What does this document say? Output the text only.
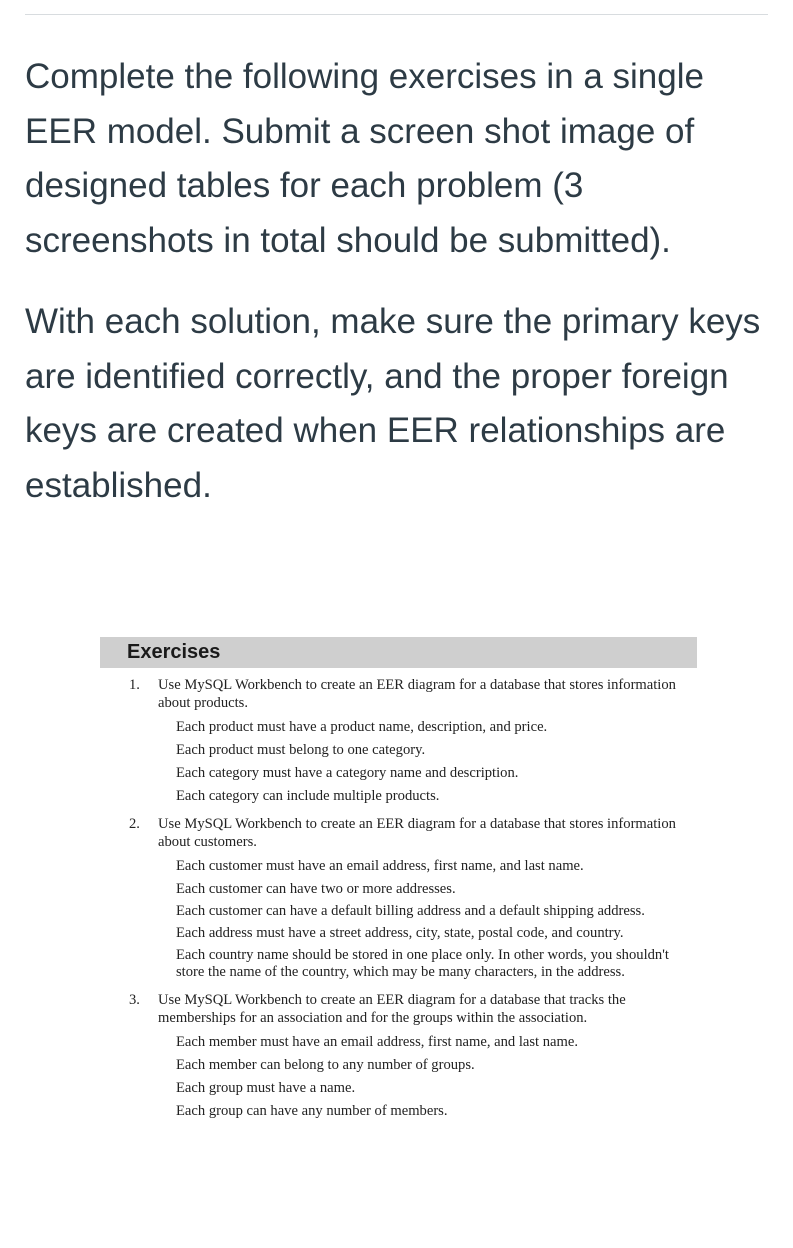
Complete the following exercises in a single EER model. Submit a screen shot image of designed tables for each problem (3 screenshots in total should be submitted).

With each solution, make sure the primary keys are identified correctly, and the proper foreign keys are created when EER relationships are established.

Exercises
1. Use MySQL Workbench to create an EER diagram for a database that stores information about products.

Each product must have a product name, description, and price.
Each product must belong to one category.
Each category must have a category name and description.
Each category can include multiple products.
2. Use MySQL Workbench to create an EER diagram for a database that stores information about customers.

Each customer must have an email address, first name, and last name.
Each customer can have two or more addresses.
Each customer can have a default billing address and a default shipping address.
Each address must have a street address, city, state, postal code, and country.
Each country name should be stored in one place only. In other words, you shouldn't store the name of the country, which may be many characters, in the address.
3. Use MySQL Workbench to create an EER diagram for a database that tracks the memberships for an association and for the groups within the association.

Each member must have an email address, first name, and last name.
Each member can belong to any number of groups.
Each group must have a name.
Each group can have any number of members.
